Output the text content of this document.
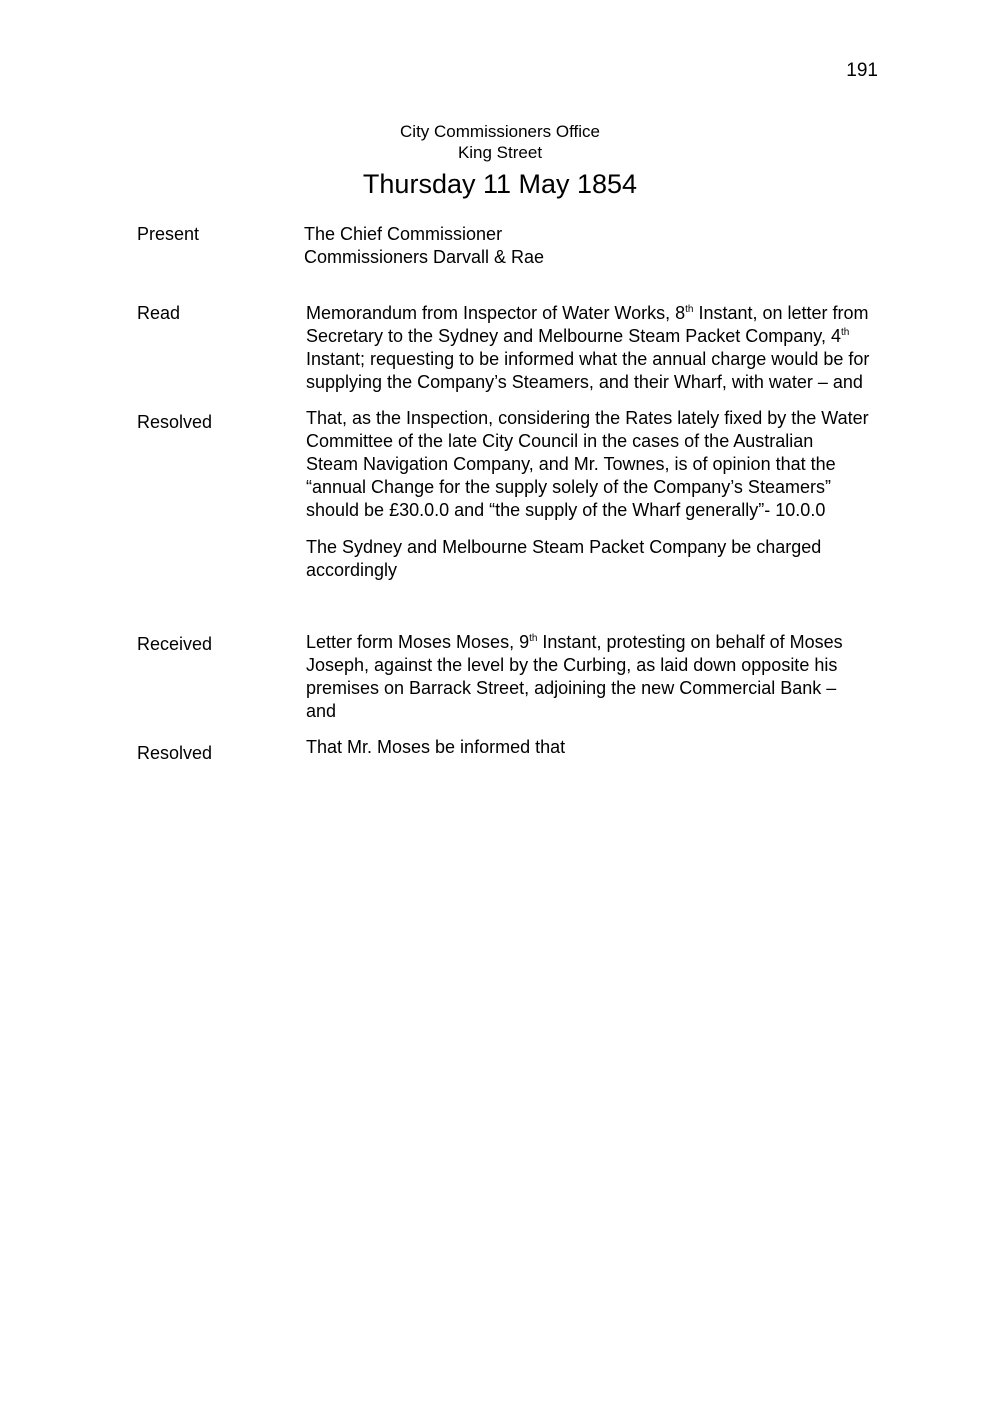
191
City Commissioners Office
King Street
Thursday 11 May 1854
Present	The Chief Commissioner

Commissioners Darvall & Rae

Read	Memorandum from Inspector of Water Works, 8th Instant, on letter from

Secretary to the Sydney and Melbourne Steam Packet Company, 4th

Instant; requesting to be informed what the annual charge would be for

supplying the Company’s Steamers, and their Wharf, with water – and

Resolved	That, as the Inspection, considering the Rates lately fixed by the Water

Committee of the late City Council in the cases of the Australian

Steam Navigation Company, and Mr. Townes, is of opinion that the

“annual Change for the supply solely of the Company’s Steamers”

should be £30.0.0 and “the supply of the Wharf generally”- 10.0.0

The Sydney and Melbourne Steam Packet Company be charged

accordingly

Received	Letter form Moses Moses, 9th Instant, protesting on behalf of Moses

Joseph, against the level by the Curbing, as laid down opposite his

premises on Barrack Street, adjoining the new Commercial Bank –

and

Resolved	That Mr. Moses be informed that
